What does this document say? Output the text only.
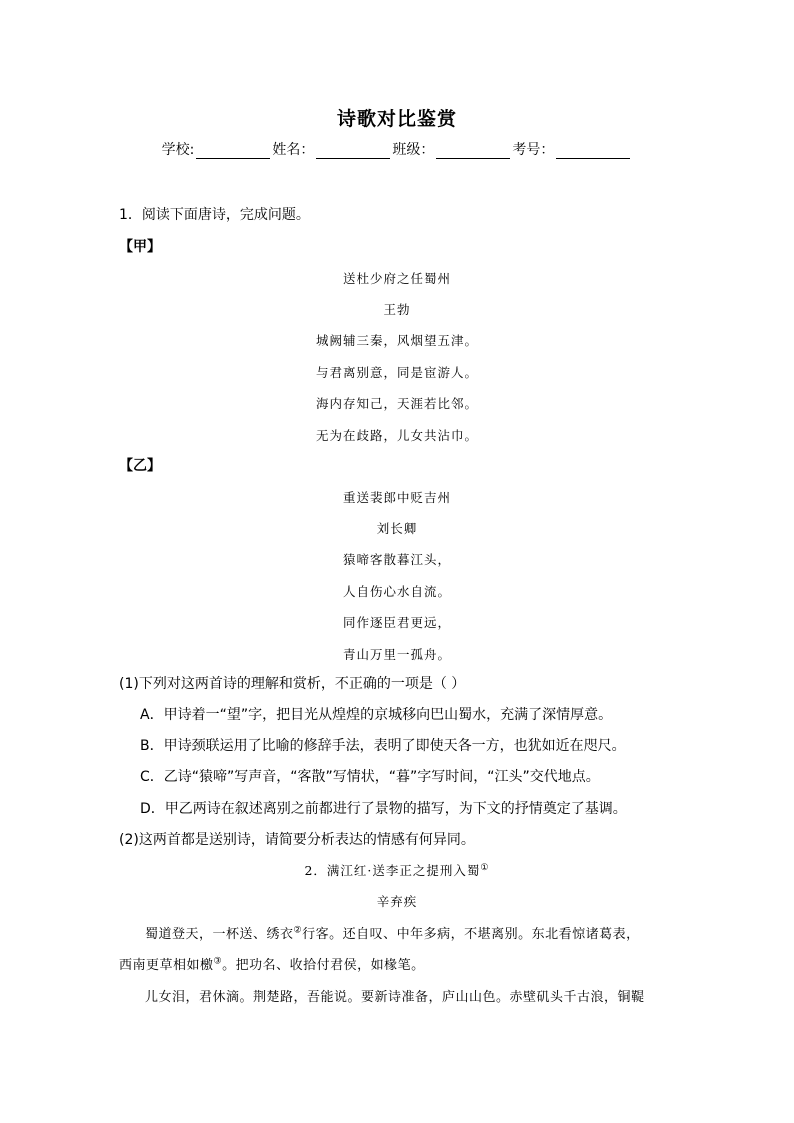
诗歌对比鉴赏
学校:	姓名：	班级：	考号：
1．阅读下面唐诗，完成问题。
【甲】
送杜少府之任蜀州
王勃
城阙辅三秦，风烟望五津。
与君离别意，同是宦游人。
海内存知己，天涯若比邻。
无为在歧路，儿女共沾巾。
【乙】
重送裴郎中贬吉州
刘长卿
猿啼客散暮江头，
人自伤心水自流。
同作逐臣君更远，
青山万里一孤舟。
(1)下列对这两首诗的理解和赏析，不正确的一项是（ ）
A．甲诗着一“望”字，把目光从煌煌的京城移向巴山蜀水，充满了深情厚意。
B．甲诗颈联运用了比喻的修辞手法，表明了即使天各一方，也犹如近在咫尺。
C．乙诗“猿啼”写声音，“客散”写情状，“暮”字写时间，“江头”交代地点。
D．甲乙两诗在叙述离别之前都进行了景物的描写，为下文的抒情奠定了基调。
(2)这两首都是送别诗，请简要分析表达的情感有何异同。
2．满江红·送李正之提刑入蜀①
辛弃疾
蜀道登天，一杯送、绣衣②行客。还自叹、中年多病，不堪离别。东北看惊诸葛表，
西南更草相如檄③。把功名、收拾付君侯，如椽笔。
儿女泪，君休滴。荆楚路，吾能说。要新诗准备，庐山山色。赤壁矶头千古浪，铜鞮
